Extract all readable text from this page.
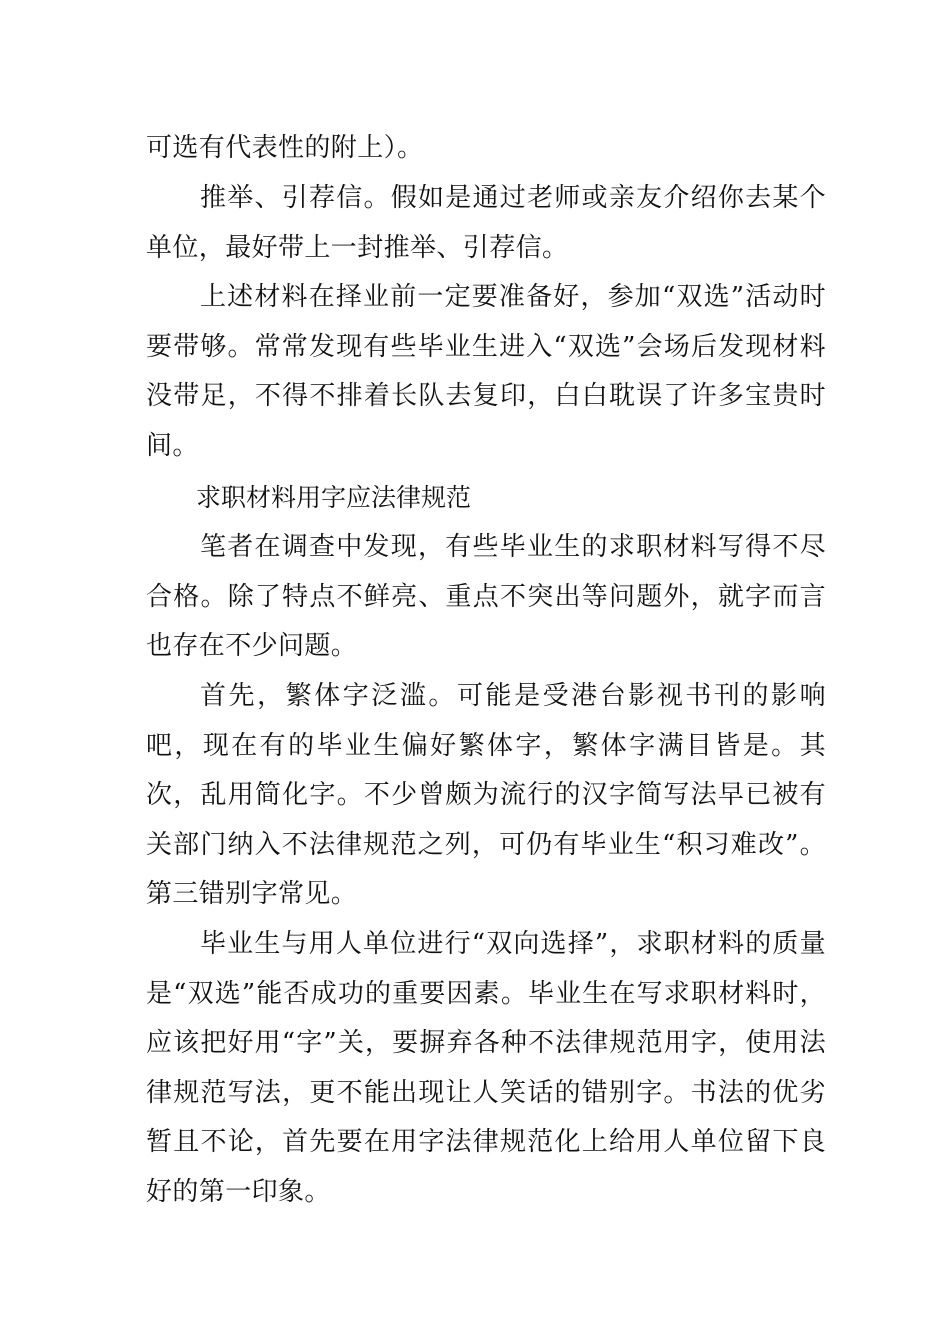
可选有代表性的附上）。

推举、引荐信。假如是通过老师或亲友介绍你去某个单位，最好带上一封推举、引荐信。

上述材料在择业前一定要准备好，参加“双选”活动时要带够。常常发现有些毕业生进入“双选”会场后发现材料没带足，不得不排着长队去复印，白白耽误了许多宝贵时间。

求职材料用字应法律规范

笔者在调查中发现，有些毕业生的求职材料写得不尽合格。除了特点不鲜亮、重点不突出等问题外，就字而言也存在不少问题。

首先，繁体字泛滥。可能是受港台影视书刊的影响吧，现在有的毕业生偏好繁体字，繁体字满目皆是。其次，乱用简化字。不少曾颇为流行的汉字简写法早已被有关部门纳入不法律规范之列，可仍有毕业生“积习难改”。第三错别字常见。

毕业生与用人单位进行“双向选择”，求职材料的质量是“双选”能否成功的重要因素。毕业生在写求职材料时，应该把好用“字”关，要摒弃各种不法律规范用字，使用法律规范写法，更不能出现让人笑话的错别字。书法的优劣暂且不论，首先要在用字法律规范化上给用人单位留下良好的第一印象。
